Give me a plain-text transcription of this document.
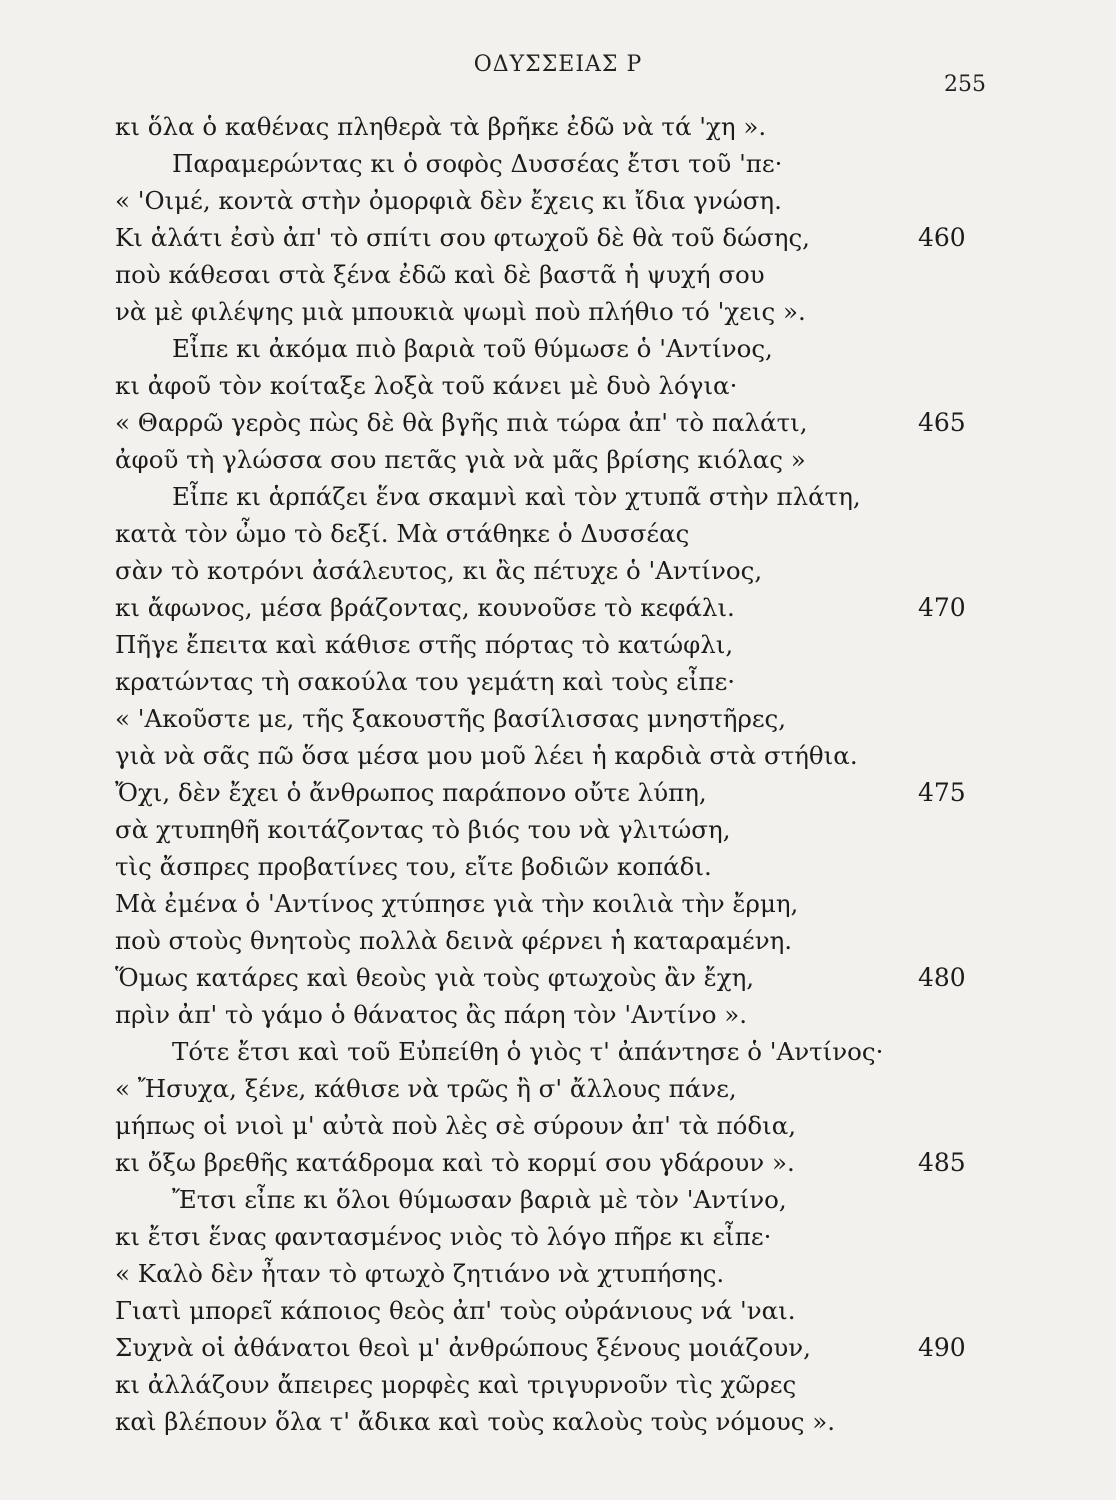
ΟΔΥΣΣΕΙΑΣ Ρ
255
κι ὅλα ὁ καθένας πληθερὰ τὰ βρῆκε ἐδῶ νὰ τά 'χη ».
Παραμερώντας κι ὁ σοφὸς Δυσσέας ἔτσι τοῦ 'πε·
« 'Οιμέ, κοντὰ στὴν ὀμορφιὰ δὲν ἔχεις κι ἴδια γνώση.
Κι ἁλάτι ἐσὺ ἀπ' τὸ σπίτι σου φτωχοῦ δὲ θὰ τοῦ δώσης,	460
ποὺ κάθεσαι στὰ ξένα ἐδῶ καὶ δὲ βαστᾶ ἡ ψυχή σου
νὰ μὲ φιλέψης μιὰ μπουκιὰ ψωμὶ ποὺ πλήθιο τό 'χεις ».
Εἶπε κι ἀκόμα πιὸ βαριὰ τοῦ θύμωσε ὁ 'Αντίνος,
κι ἀφοῦ τὸν κοίταξε λοξὰ τοῦ κάνει μὲ δυὸ λόγια·
« Θαρρῶ γερὸς πὼς δὲ θὰ βγῆς πιὰ τώρα ἀπ' τὸ παλάτι,	465
ἀφοῦ τὴ γλώσσα σου πετᾶς γιὰ νὰ μᾶς βρίσης κιόλας »
Εἶπε κι ἁρπάζει ἕνα σκαμνὶ καὶ τὸν χτυπᾶ στὴν πλάτη,
κατὰ τὸν ὦμο τὸ δεξί. Μὰ στάθηκε ὁ Δυσσέας
σὰν τὸ κοτρόνι ἀσάλευτος, κι ἂς πέτυχε ὁ 'Αντίνος,
κι ἄφωνος, μέσα βράζοντας, κουνοῦσε τὸ κεφάλι.	470
Πῆγε ἔπειτα καὶ κάθισε στῆς πόρτας τὸ κατώφλι,
κρατώντας τὴ σακούλα του γεμάτη καὶ τοὺς εἶπε·
« 'Ακοῦστε με, τῆς ξακουστῆς βασίλισσας μνηστῆρες,
γιὰ νὰ σᾶς πῶ ὅσα μέσα μου μοῦ λέει ἡ καρδιὰ στὰ στήθια.
Ὄχι, δὲν ἔχει ὁ ἄνθρωπος παράπονο οὔτε λύπη,	475
σὰ χτυπηθῆ κοιτάζοντας τὸ βιός του νὰ γλιτώση,
τὶς ἄσπρες προβατίνες του, εἴτε βοδιῶν κοπάδι.
Μὰ ἐμένα ὁ 'Αντίνος χτύπησε γιὰ τὴν κοιλιὰ τὴν ἔρμη,
ποὺ στοὺς θνητοὺς πολλὰ δεινὰ φέρνει ἡ καταραμένη.
Ὅμως κατάρες καὶ θεοὺς γιὰ τοὺς φτωχοὺς ἂν ἔχη,	480
πρὶν ἀπ' τὸ γάμο ὁ θάνατος ἂς πάρη τὸν 'Αντίνο ».
Τότε ἔτσι καὶ τοῦ Εὐπείθη ὁ γιὸς τ' ἀπάντησε ὁ 'Αντίνος·
« Ἤσυχα, ξένε, κάθισε νὰ τρῶς ἢ σ' ἄλλους πάνε,
μήπως οἱ νιοὶ μ' αὐτὰ ποὺ λὲς σὲ σύρουν ἀπ' τὰ πόδια,
κι ὄξω βρεθῆς κατάδρομα καὶ τὸ κορμί σου γδάρουν ».	485
Ἔτσι εἶπε κι ὅλοι θύμωσαν βαριὰ μὲ τὸν 'Αντίνο,
κι ἔτσι ἕνας φαντασμένος νιὸς τὸ λόγο πῆρε κι εἶπε·
« Καλὸ δὲν ἦταν τὸ φτωχὸ ζητιάνο νὰ χτυπήσης.
Γιατὶ μπορεῖ κάποιος θεὸς ἀπ' τοὺς οὐράνιους νά 'ναι.
Συχνὰ οἱ ἀθάνατοι θεοὶ μ' ἀνθρώπους ξένους μοιάζουν,	490
κι ἀλλάζουν ἄπειρες μορφὲς καὶ τριγυρνοῦν τὶς χῶρες
καὶ βλέπουν ὅλα τ' ἄδικα καὶ τοὺς καλοὺς τοὺς νόμους ».
